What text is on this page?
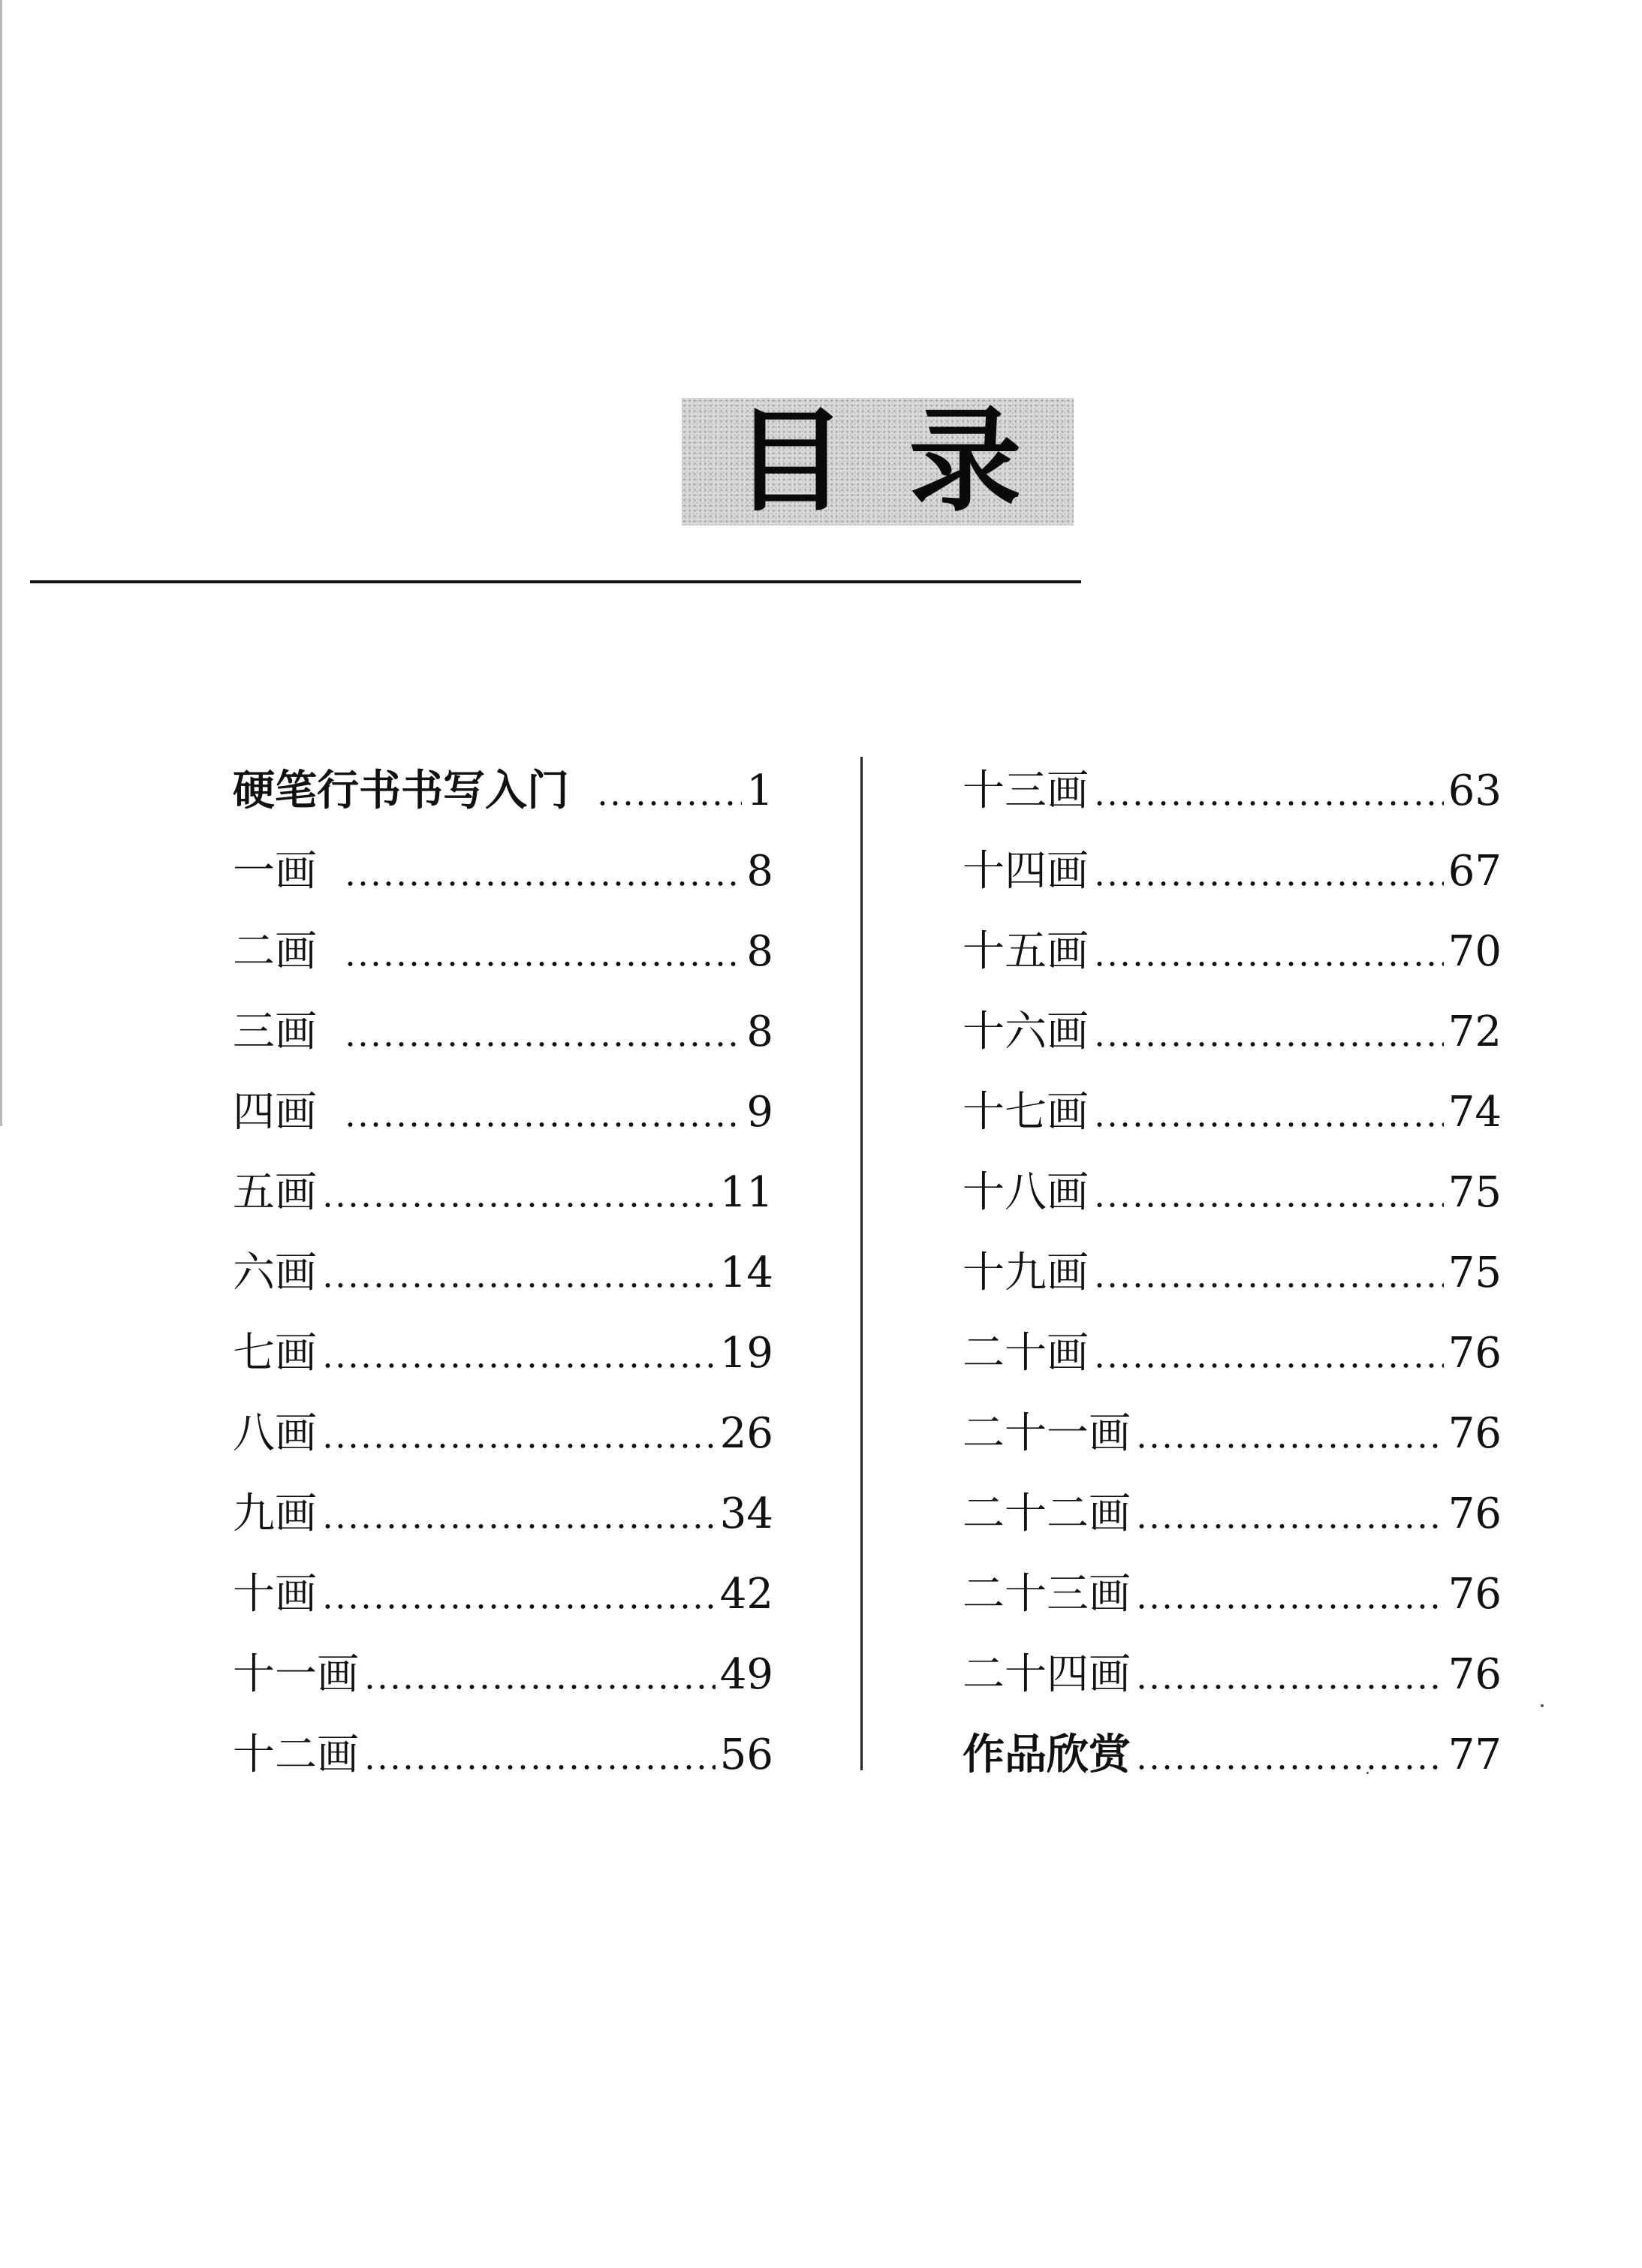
目 录
硬笔行书书写入门	1
一画	8
二画	8
三画	8
四画	9
五画	11
六画	14
七画	19
八画	26
九画	34
十画	42
十一画	49
十二画	56
十三画	63
十四画	67
十五画	70
十六画	72
十七画	74
十八画	75
十九画	75
二十画	76
二十一画	76
二十二画	76
二十三画	76
二十四画	76
作品欣赏	77
